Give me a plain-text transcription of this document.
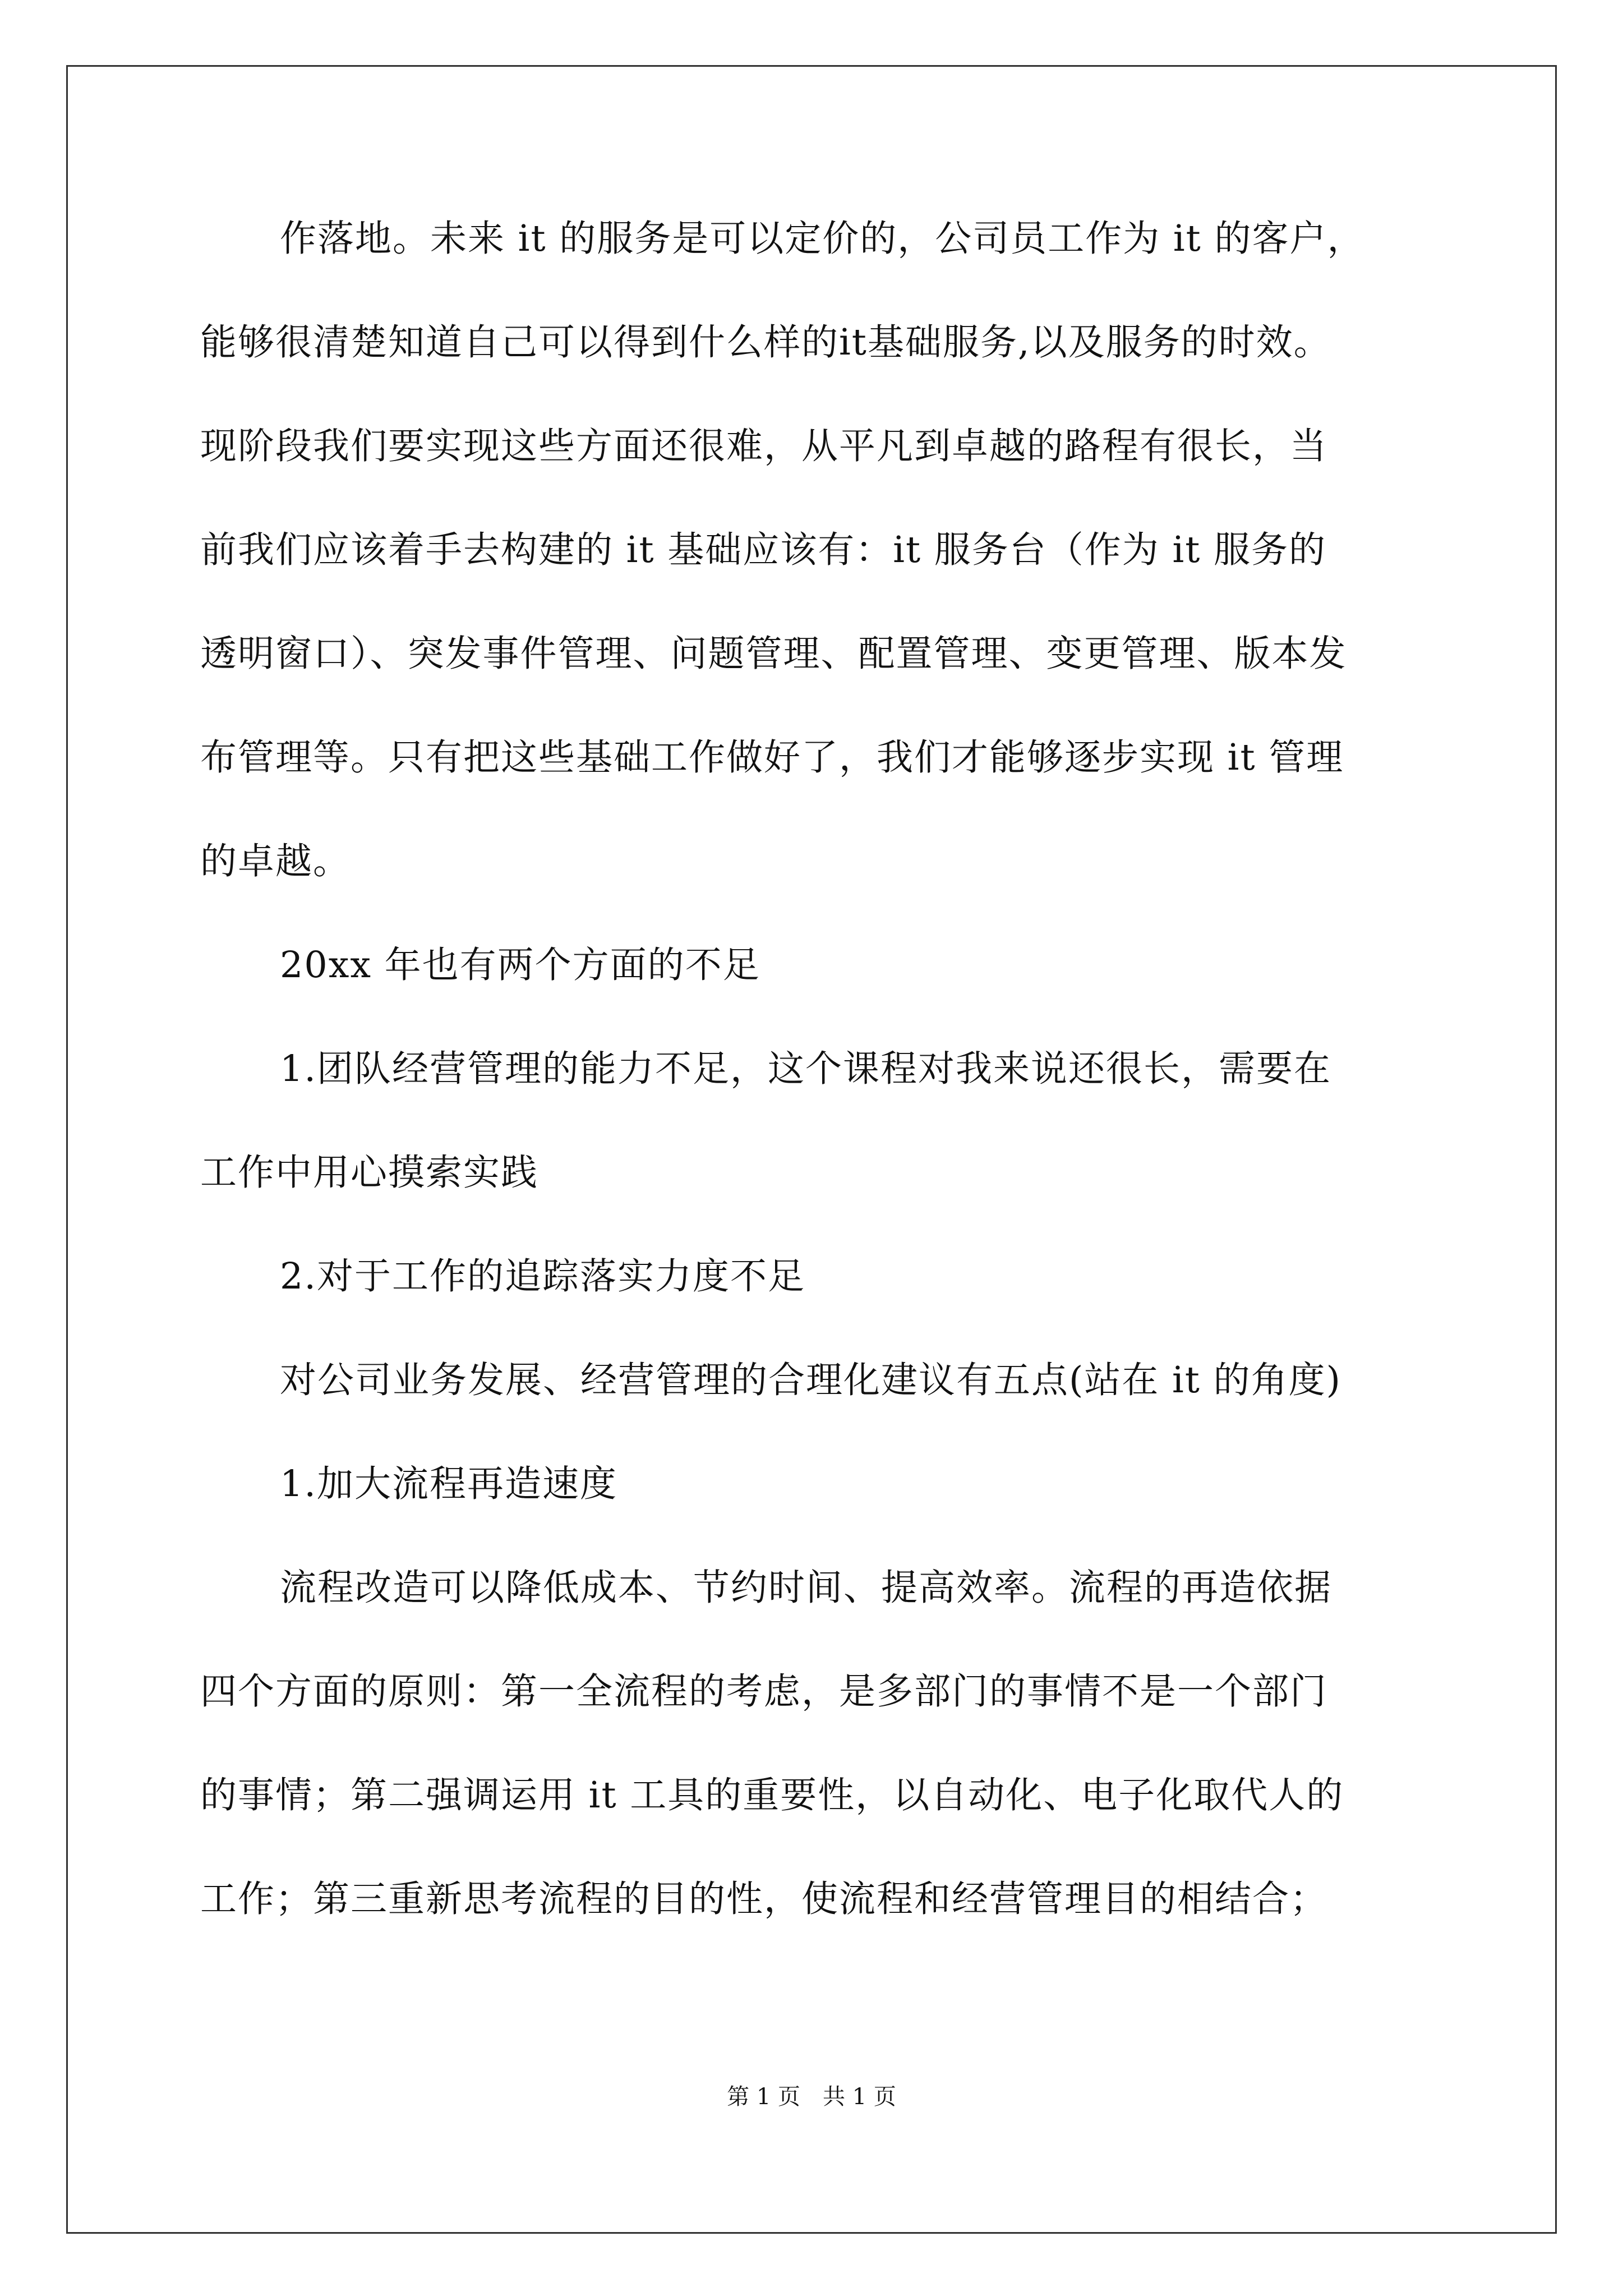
作落地。未来 it 的服务是可以定价的，公司员工作为 it 的客户，
能够很清楚知道自己可以得到什么样的it基础服务,以及服务的时效。
现阶段我们要实现这些方面还很难，从平凡到卓越的路程有很长，当
前我们应该着手去构建的 it 基础应该有：it 服务台（作为 it 服务的
透明窗口）、突发事件管理、问题管理、配置管理、变更管理、版本发
布管理等。只有把这些基础工作做好了，我们才能够逐步实现 it 管理
的卓越。
20xx 年也有两个方面的不足
1.团队经营管理的能力不足，这个课程对我来说还很长，需要在
工作中用心摸索实践
2.对于工作的追踪落实力度不足
对公司业务发展、经营管理的合理化建议有五点(站在 it 的角度)
1.加大流程再造速度
流程改造可以降低成本、节约时间、提高效率。流程的再造依据
四个方面的原则：第一全流程的考虑，是多部门的事情不是一个部门
的事情；第二强调运用 it 工具的重要性，以自动化、电子化取代人的
工作；第三重新思考流程的目的性，使流程和经营管理目的相结合；
第 1 页　共 1 页
